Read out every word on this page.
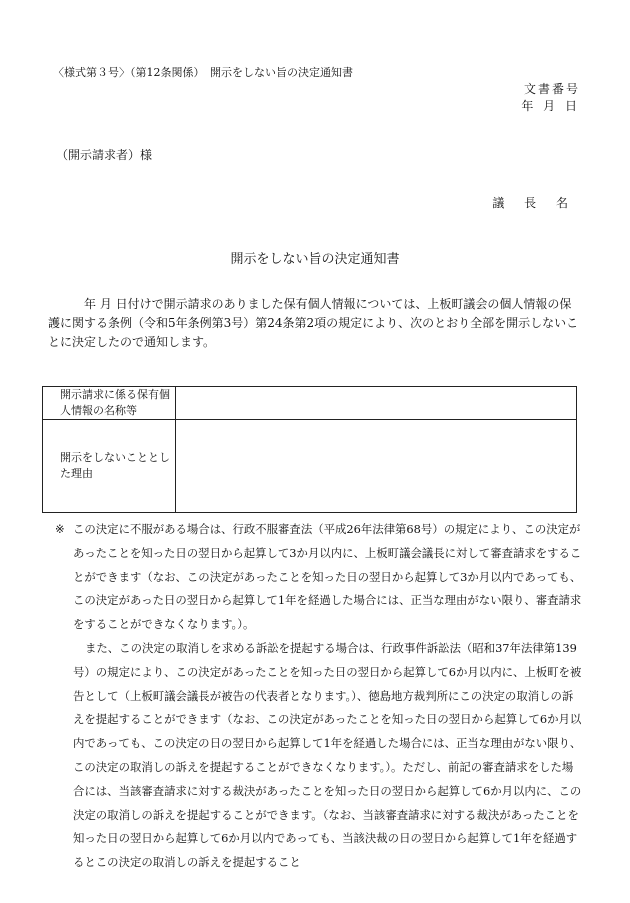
〈様式第３号〉（第12条関係）　開示をしない旨の決定通知書
文書番号
年 月 日
（開示請求者）様
議 長 名
開示をしない旨の決定通知書
年 月 日付けで開示請求のありました保有個人情報については、上板町議会の個人情報の保護に関する条例（令和5年条例第3号）第24条第2項の規定により、次のとおり全部を開示しないことに決定したので通知します。
開示請求に係る保有個人情報の名称等	
開示をしないこととした理由	
※ この決定に不服がある場合は、行政不服審査法（平成26年法律第68号）の規定により、この決定があったことを知った日の翌日から起算して3か月以内に、上板町議会議長に対して審査請求をすることができます（なお、この決定があったことを知った日の翌日から起算して3か月以内であっても、この決定があった日の翌日から起算して1年を経過した場合には、正当な理由がない限り、審査請求をすることができなくなります。）。

また、この決定の取消しを求める訴訟を提起する場合は、行政事件訴訟法（昭和37年法律第139号）の規定により、この決定があったことを知った日の翌日から起算して6か月以内に、上板町を被告として（上板町議会議長が被告の代表者となります。）、徳島地方裁判所にこの決定の取消しの訴えを提起することができます（なお、この決定があったことを知った日の翌日から起算して6か月以内であっても、この決定の日の翌日から起算して1年を経過した場合には、正当な理由がない限り、この決定の取消しの訴えを提起することができなくなります。）。ただし、前記の審査請求をした場合には、当該審査請求に対する裁決があったことを知った日の翌日から起算して6か月以内に、この決定の取消しの訴えを提起することができます。（なお、当該審査請求に対する裁決があったことを知った日の翌日から起算して6か月以内であっても、当該決裁の日の翌日から起算して1年を経過するとこの決定の取消しの訴えを提起すること
